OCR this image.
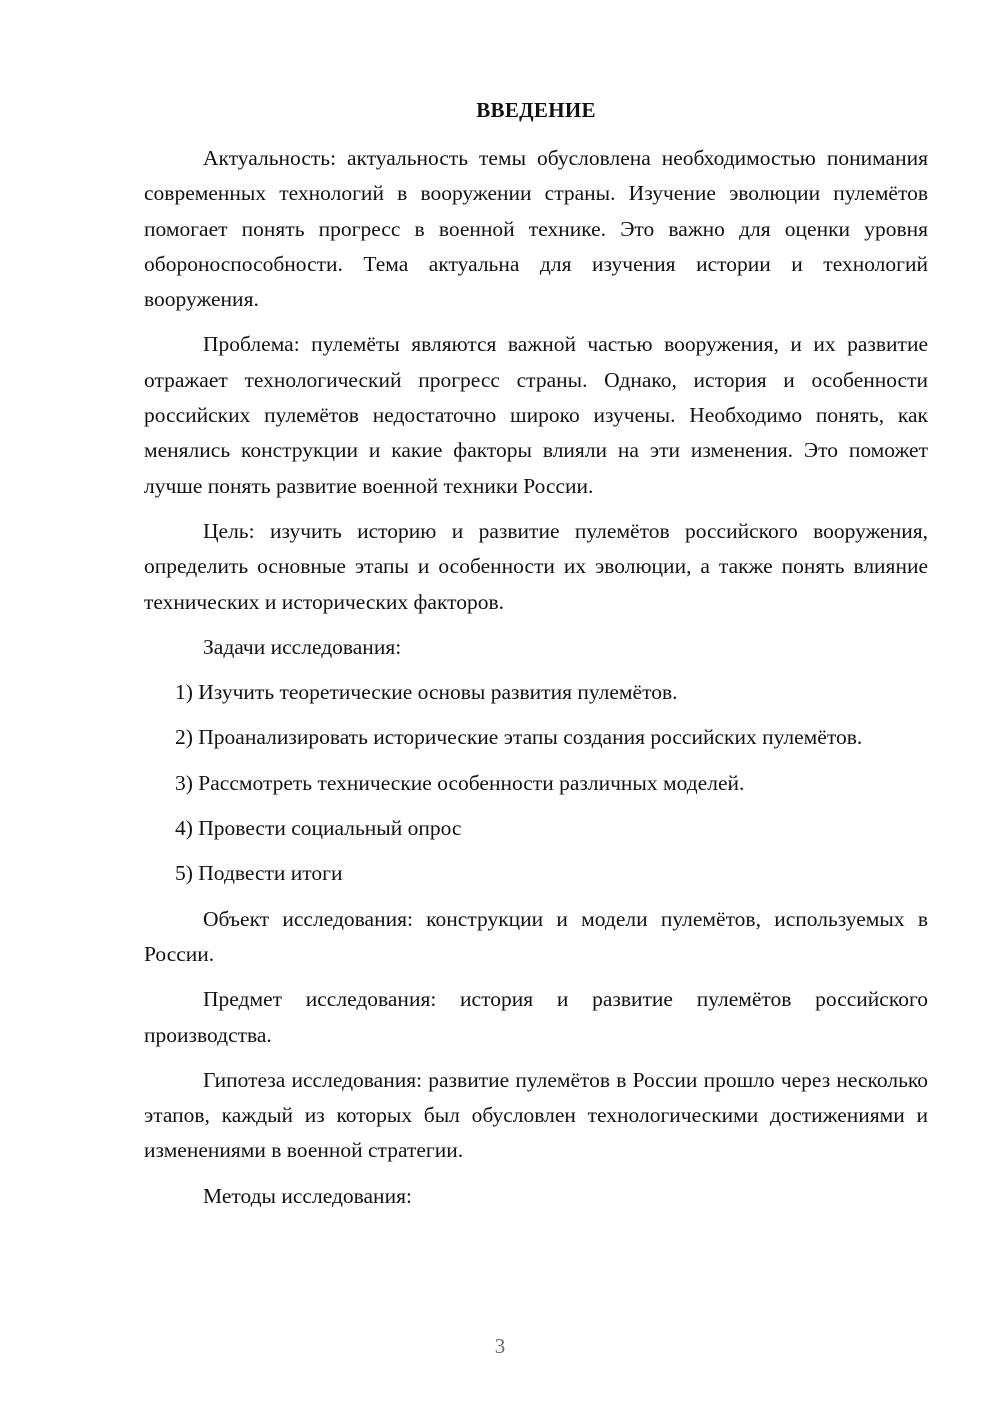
ВВЕДЕНИЕ

Актуальность: актуальность темы обусловлена необходимостью понимания современных технологий в вооружении страны. Изучение эволюции пулемётов помогает понять прогресс в военной технике. Это важно для оценки уровня обороноспособности. Тема актуальна для изучения истории и технологий вооружения.

Проблема: пулемёты являются важной частью вооружения, и их развитие отражает технологический прогресс страны. Однако, история и особенности российских пулемётов недостаточно широко изучены. Необходимо понять, как менялись конструкции и какие факторы влияли на эти изменения. Это поможет лучше понять развитие военной техники России.

Цель: изучить историю и развитие пулемётов российского вооружения, определить основные этапы и особенности их эволюции, а также понять влияние технических и исторических факторов.

Задачи исследования:

1) Изучить теоретические основы развития пулемётов.

2) Проанализировать исторические этапы создания российских пулемётов.

3) Рассмотреть технические особенности различных моделей.

4) Провести социальный опрос

5) Подвести итоги

Объект исследования: конструкции и модели пулемётов, используемых в России.

Предмет исследования: история и развитие пулемётов российского производства.

Гипотеза исследования: развитие пулемётов в России прошло через несколько этапов, каждый из которых был обусловлен технологическими достижениями и изменениями в военной стратегии.

Методы исследования:

3
